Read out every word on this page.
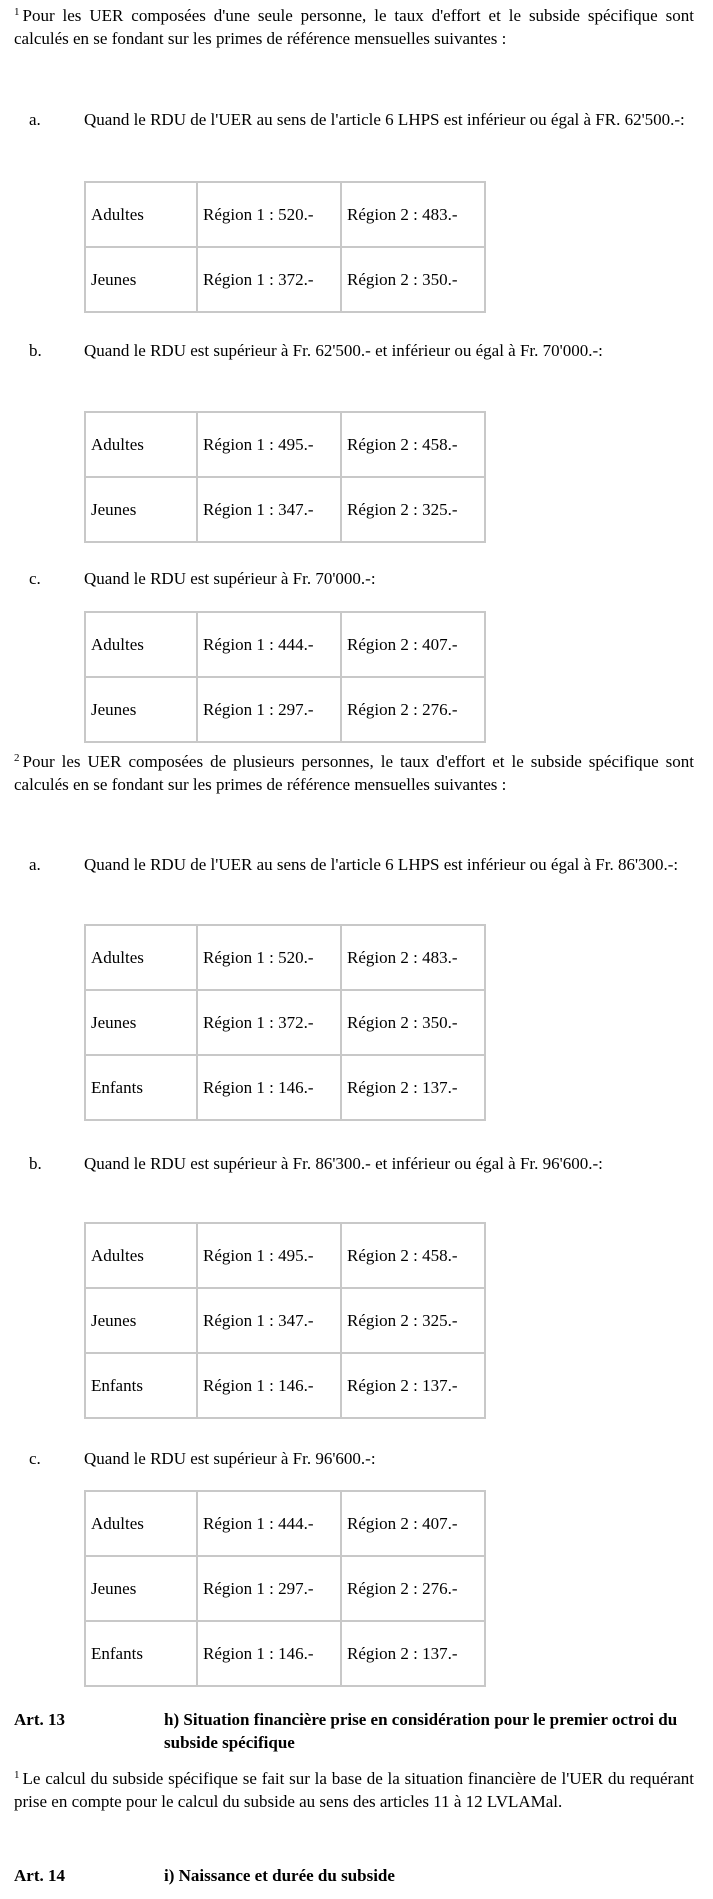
$^1$ Pour les UER composées d'une seule personne, le taux d'effort et le subside spécifique sont calculés en se fondant sur les primes de référence mensuelles suivantes :

a.	Quand le RDU de l'UER au sens de l'article 6 LHPS est inférieur ou égal à FR. 62'500.-:
Adultes	Région 1 : 520.-	Région 2 : 483.-
Jeunes	Région 1 : 372.-	Région 2 : 350.-
b. Quand le RDU est supérieur à Fr. 62'500.- et inférieur ou égal à Fr. 70'000.-:
Adultes	Région 1 : 495.-	Région 2 : 458.-
Jeunes	Région 1 : 347.-	Région 2 : 325.-
c.	Quand le RDU est supérieur à Fr. 70'000.-:
Adultes	Région 1 : 444.-	Région 2 : 407.-
Jeunes	Région 1 : 297.-	Région 2 : 276.-

$^2$ Pour les UER composées de plusieurs personnes, le taux d'effort et le subside spécifique sont calculés en se fondant sur les primes de référence mensuelles suivantes :

a.	Quand le RDU de l'UER au sens de l'article 6 LHPS est inférieur ou égal à Fr. 86'300.-:
Adultes	Région 1 : 520.-	Région 2 : 483.-
Jeunes	Région 1 : 372.-	Région 2 : 350.-
Enfants	Région 1 : 146.-	Région 2 : 137.-
b. Quand le RDU est supérieur à Fr. 86'300.- et inférieur ou égal à Fr. 96'600.-:
Adultes	Région 1 : 495.-	Région 2 : 458.-
Jeunes	Région 1 : 347.-	Région 2 : 325.-
Enfants	Région 1 : 146.-	Région 2 : 137.-
c.	Quand le RDU est supérieur à Fr. 96'600.-:
Adultes	Région 1 : 444.-	Région 2 : 407.-
Jeunes	Région 1 : 297.-	Région 2 : 276.-
Enfants	Région 1 : 146.-	Région 2 : 137.-
Art. 13	h) Situation financière prise en considération pour le premier octroi du subside spécifique

$^1$ Le calcul du subside spécifique se fait sur la base de la situation financière de l'UER du requérant prise en compte pour le calcul du subside au sens des articles 11 à 12 LVLAMal.

Art. 14	i) Naissance et durée du subside
